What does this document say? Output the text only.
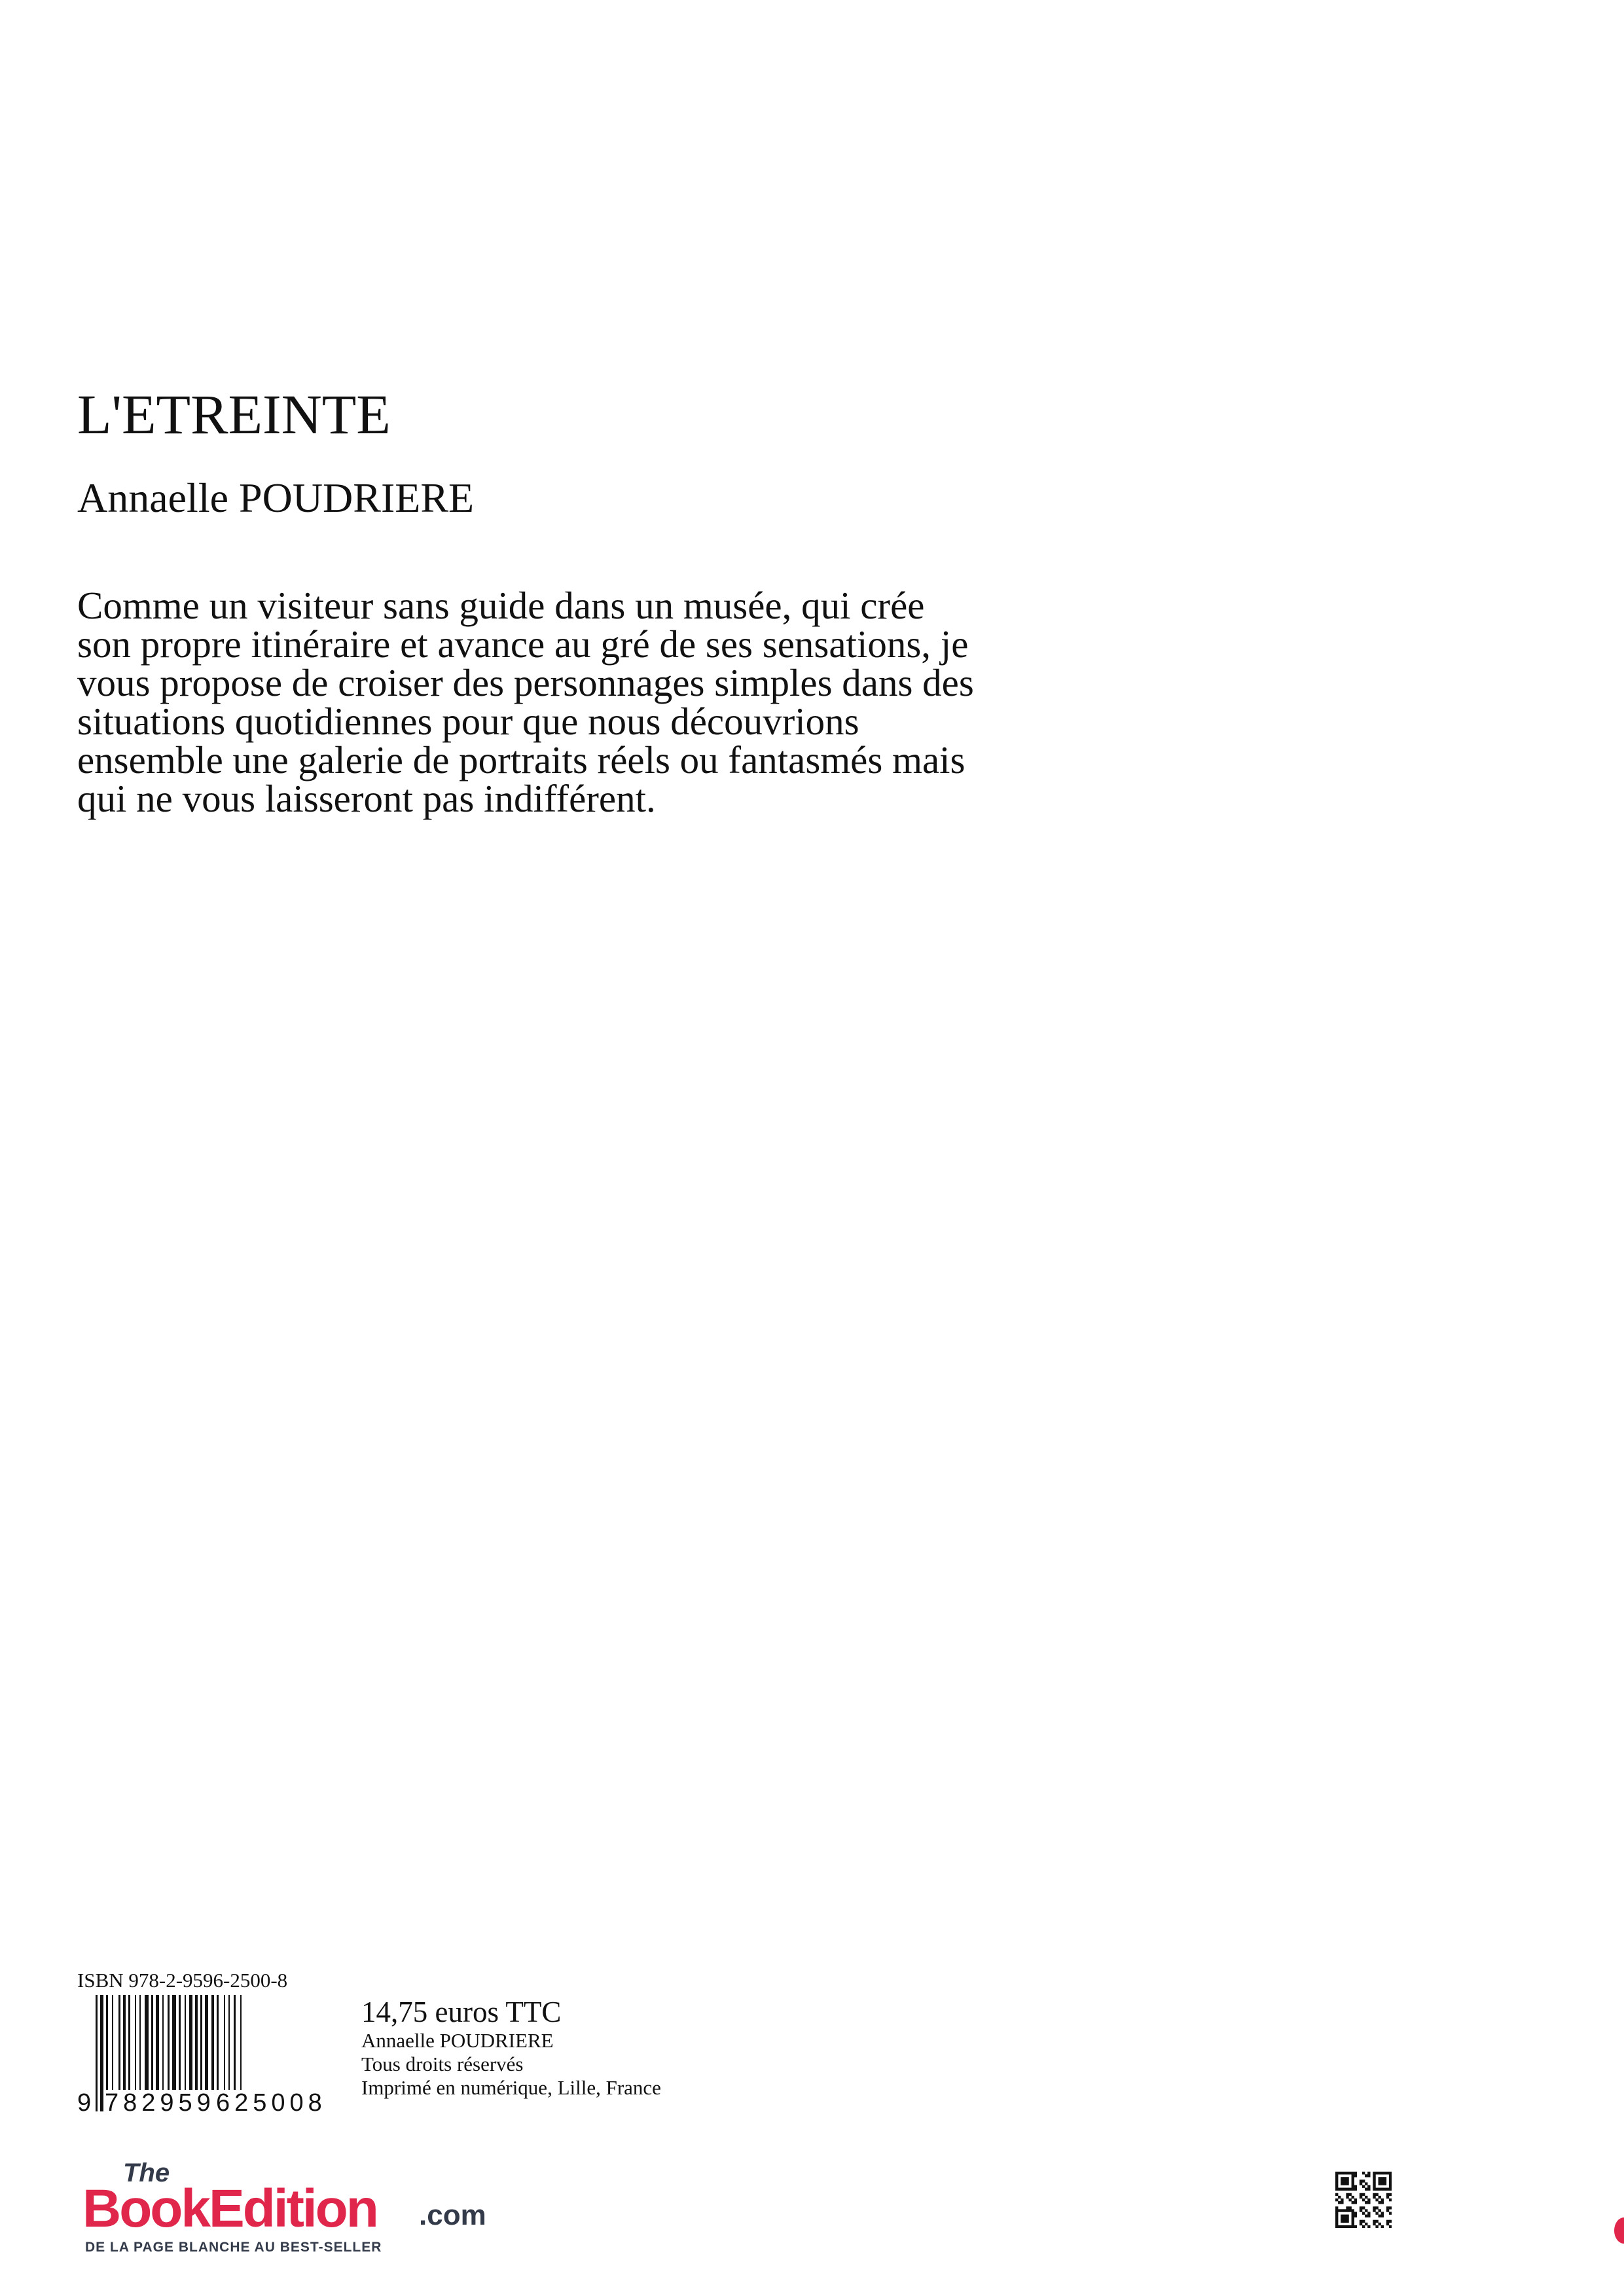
L'ETREINTE
Annaelle POUDRIERE
Comme un visiteur sans guide dans un musée, qui crée
son propre itinéraire et avance au gré de ses sensations, je
vous propose de croiser des personnages simples dans des
situations quotidiennes pour que nous découvrions
ensemble une galerie de portraits réels ou fantasmés mais
qui ne vous laisseront pas indifférent.
ISBN 978-2-9596-2500-8
9 782959 625008
14,75 euros TTC
Annaelle POUDRIERE
Tous droits réservés
Imprimé en numérique, Lille, France
The
BookEdition .com
DE LA PAGE BLANCHE AU BEST-SELLER
